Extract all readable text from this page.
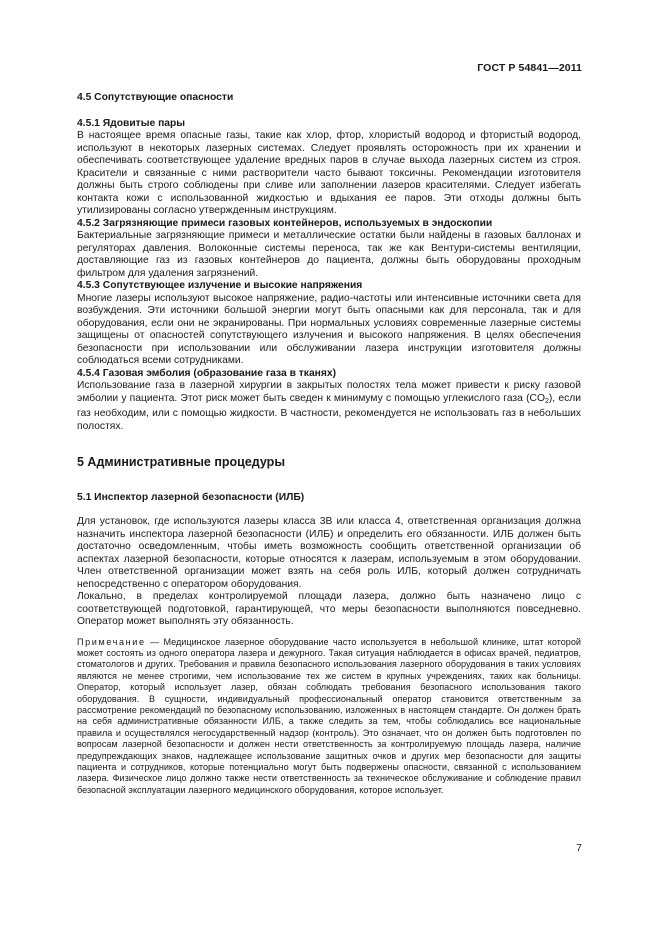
ГОСТ Р 54841—2011

4.5 Сопутствующие опасности

4.5.1 Ядовитые пары

В настоящее время опасные газы, такие как хлор, фтор, хлористый водород и фтористый водород, используют в некоторых лазерных системах. Следует проявлять осторожность при их хранении и обеспечивать соответствующее удаление вредных паров в случае выхода лазерных систем из строя. Красители и связанные с ними растворители часто бывают токсичны. Рекомендации изготовителя должны быть строго соблюдены при сливе или заполнении лазеров красителями. Следует избегать контакта кожи с использованной жидкостью и вдыхания ее паров. Эти отходы должны быть утилизированы согласно утвержденным инструкциям.

4.5.2 Загрязняющие примеси газовых контейнеров, используемых в эндоскопии

Бактериальные загрязняющие примеси и металлические остатки были найдены в газовых баллонах и регуляторах давления. Волоконные системы переноса, так же как Вентури-системы вентиляции, доставляющие газ из газовых контейнеров до пациента, должны быть оборудованы проходным фильтром для удаления загрязнений.

4.5.3 Сопутствующее излучение и высокие напряжения

Многие лазеры используют высокое напряжение, радио-частоты или интенсивные источники света для возбуждения. Эти источники большой энергии могут быть опасными как для персонала, так и для оборудования, если они не экранированы. При нормальных условиях современные лазерные системы защищены от опасностей сопутствующего излучения и высокого напряжения. В целях обеспечения безопасности при использовании или обслуживании лазера инструкции изготовителя должны соблюдаться всеми сотрудниками.

4.5.4 Газовая эмболия (образование газа в тканях)

Использование газа в лазерной хирургии в закрытых полостях тела может привести к риску газовой эмболии у пациента. Этот риск может быть сведен к минимуму с помощью углекислого газа $(CO_2)$, если газ необходим, или с помощью жидкости. В частности, рекомендуется не использовать газ в небольших полостях.

5 Административные процедуры

5.1 Инспектор лазерной безопасности (ИЛБ)

Для установок, где используются лазеры класса 3В или класса 4, ответственная организация должна назначить инспектора лазерной безопасности (ИЛБ) и определить его обязанности. ИЛБ должен быть достаточно осведомленным, чтобы иметь возможность сообщить ответственной организации об аспектах лазерной безопасности, которые относятся к лазерам, используемым в этом оборудовании. Член ответственной организации может взять на себя роль ИЛБ, который должен сотрудничать непосредственно с оператором оборудования.

Локально, в пределах контролируемой площади лазера, должно быть назначено лицо с соответствующей подготовкой, гарантирующей, что меры безопасности выполняются повседневно. Оператор может выполнять эту обязанность.

Примечание — Медицинское лазерное оборудование часто используется в небольшой клинике, штат которой может состоять из одного оператора лазера и дежурного. Такая ситуация наблюдается в офисах врачей, педиатров, стоматологов и других. Требования и правила безопасного использования лазерного оборудования в таких условиях являются не менее строгими, чем использование тех же систем в крупных учреждениях, таких как больницы. Оператор, который использует лазер, обязан соблюдать требования безопасного использования такого оборудования. В сущности, индивидуальный профессиональный оператор становится ответственным за рассмотрение рекомендаций по безопасному использованию, изложенных в настоящем стандарте. Он должен брать на себя административные обязанности ИЛБ, а также следить за тем, чтобы соблюдались все национальные правила и осуществлялся негосударственный надзор (контроль). Это означает, что он должен быть подготовлен по вопросам лазерной безопасности и должен нести ответственность за контролируемую площадь лазера, наличие предупреждающих знаков, надлежащее использование защитных очков и других мер безопасности для защиты пациента и сотрудников, которые потенциально могут быть подвержены опасности, связанной с использованием лазера. Физическое лицо должно также нести ответственность за техническое обслуживание и соблюдение правил безопасной эксплуатации лазерного медицинского оборудования, которое использует.

7
